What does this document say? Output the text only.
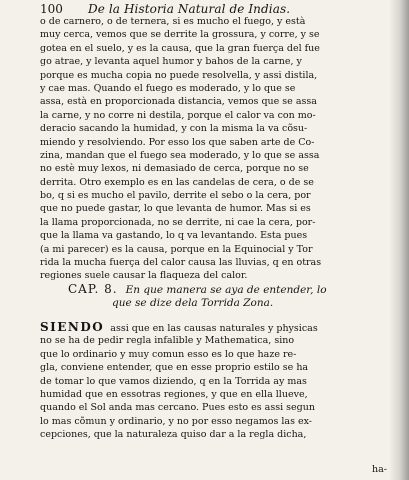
100	De la Historia Natural de Indias.
o de carnero, o de ternera, si es mucho el fuego, y està
muy cerca, vemos que se derrite la grossura, y corre, y se
gotea en el suelo, y es la causa, que la gran fuerça del fue
go atrae, y levanta aquel humor y bahos de la carne, y
porque es mucha copia no puede resolvella, y assi distila,
y cae mas. Quando el fuego es moderado, y lo que se
assa, està en proporcionada distancia, vemos que se assa
la carne, y no corre ni destila, porque el calor va con mo-
deracio sacando la humidad, y con la misma la va cõsu-
miendo y resolviendo. Por esso los que saben arte de Co-
zina, mandan que el fuego sea moderado, y lo que se assa
no estè muy lexos, ni demasiado de cerca, porque no se
derrita. Otro exemplo es en las candelas de cera, o de se
bo, q si es mucho el pavilo, derrite el sebo o la cera, por
que no puede gastar, lo que levanta de humor. Mas si es
la llama proporcionada, no se derrite, ni cae la cera, por-
que la llama va gastando, lo q va levantando. Esta pues
(a mi parecer) es la causa, porque en la Equinocial y Tor
rida la mucha fuerça del calor causa las lluvias, q en otras
regiones suele causar la flaqueza del calor.
CAP. 8. En que manera se aya de entender, lo
que se dize dela Torrida Zona.
SIENDO assi que en las causas naturales y physicas
no se ha de pedir regla infalible y Mathematica, sino
que lo ordinario y muy comun esso es lo que haze re-
gla, conviene entender, que en esse proprio estilo se ha
de tomar lo que vamos diziendo, q en la Torrida ay mas
humidad que en essotras regiones, y que en ella llueve,
quando el Sol anda mas cercano. Pues esto es assi segun
lo mas cõmun y ordinario, y no por esso negamos las ex-
cepciones, que la naturaleza quiso dar a la regla dicha,
ha-
